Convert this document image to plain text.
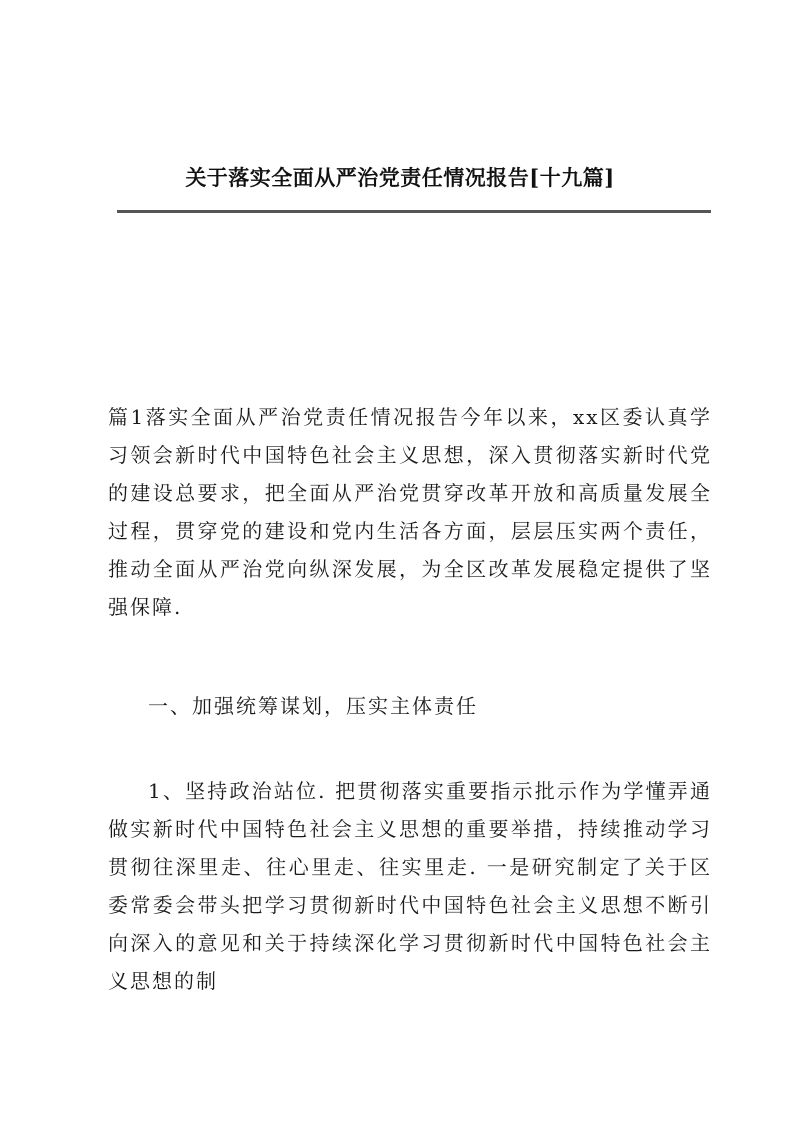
关于落实全面从严治党责任情况报告[十九篇]
篇1落实全面从严治党责任情况报告今年以来，xx区委认真学习领会新时代中国特色社会主义思想，深入贯彻落实新时代党的建设总要求，把全面从严治党贯穿改革开放和高质量发展全过程，贯穿党的建设和党内生活各方面，层层压实两个责任，推动全面从严治党向纵深发展，为全区改革发展稳定提供了坚强保障.
一、加强统筹谋划，压实主体责任
1、坚持政治站位. 把贯彻落实重要指示批示作为学懂弄通做实新时代中国特色社会主义思想的重要举措，持续推动学习贯彻往深里走、往心里走、往实里走. 一是研究制定了关于区委常委会带头把学习贯彻新时代中国特色社会主义思想不断引向深入的意见和关于持续深化学习贯彻新时代中国特色社会主义思想的制
